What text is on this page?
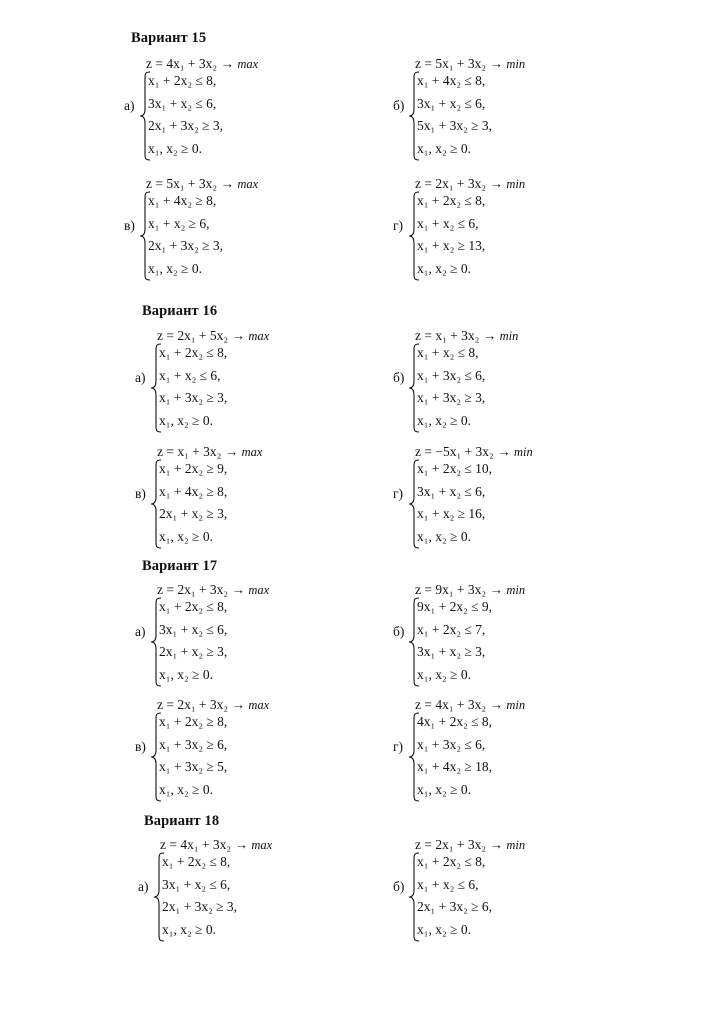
Вариант 15
z = 4x₁ + 3x₂ → max
а)
x₁ + 2x₂ ≤ 8,
3x₁ + x₂ ≤ 6,
2x₁ + 3x₂ ≥ 3,
x₁, x₂ ≥ 0.
z = 5x₁ + 3x₂ → min
б)
x₁ + 4x₂ ≤ 8,
3x₁ + x₂ ≤ 6,
5x₁ + 3x₂ ≥ 3,
x₁, x₂ ≥ 0.
z = 5x₁ + 3x₂ → max
в)
x₁ + 4x₂ ≥ 8,
x₁ + x₂ ≥ 6,
2x₁ + 3x₂ ≥ 3,
x₁, x₂ ≥ 0.
z = 2x₁ + 3x₂ → min
г)
x₁ + 2x₂ ≤ 8,
x₁ + x₂ ≤ 6,
x₁ + x₂ ≥ 13,
x₁, x₂ ≥ 0.
Вариант 16
z = 2x₁ + 5x₂ → max
а)
x₁ + 2x₂ ≤ 8,
x₁ + x₂ ≤ 6,
x₁ + 3x₂ ≥ 3,
x₁, x₂ ≥ 0.
z = x₁ + 3x₂ → min
б)
x₁ + x₂ ≤ 8,
x₁ + 3x₂ ≤ 6,
x₁ + 3x₂ ≥ 3,
x₁, x₂ ≥ 0.
z = x₁ + 3x₂ → max
в)
x₁ + 2x₂ ≥ 9,
x₁ + 4x₂ ≥ 8,
2x₁ + x₂ ≥ 3,
x₁, x₂ ≥ 0.
z = −5x₁ + 3x₂ → min
г)
x₁ + 2x₂ ≤ 10,
3x₁ + x₂ ≤ 6,
x₁ + x₂ ≥ 16,
x₁, x₂ ≥ 0.
Вариант 17
z = 2x₁ + 3x₂ → max
а)
x₁ + 2x₂ ≤ 8,
3x₁ + x₂ ≤ 6,
2x₁ + x₂ ≥ 3,
x₁, x₂ ≥ 0.
z = 9x₁ + 3x₂ → min
б)
9x₁ + 2x₂ ≤ 9,
x₁ + 2x₂ ≤ 7,
3x₁ + x₂ ≥ 3,
x₁, x₂ ≥ 0.
z = 2x₁ + 3x₂ → max
в)
x₁ + 2x₂ ≥ 8,
x₁ + 3x₂ ≥ 6,
x₁ + 3x₂ ≥ 5,
x₁, x₂ ≥ 0.
z = 4x₁ + 3x₂ → min
г)
4x₁ + 2x₂ ≤ 8,
x₁ + 3x₂ ≤ 6,
x₁ + 4x₂ ≥ 18,
x₁, x₂ ≥ 0.
Вариант 18
z = 4x₁ + 3x₂ → max
а)
x₁ + 2x₂ ≤ 8,
3x₁ + x₂ ≤ 6,
2x₁ + 3x₂ ≥ 3,
x₁, x₂ ≥ 0.
z = 2x₁ + 3x₂ → min
б)
x₁ + 2x₂ ≤ 8,
x₁ + x₂ ≤ 6,
2x₁ + 3x₂ ≥ 6,
x₁, x₂ ≥ 0.
